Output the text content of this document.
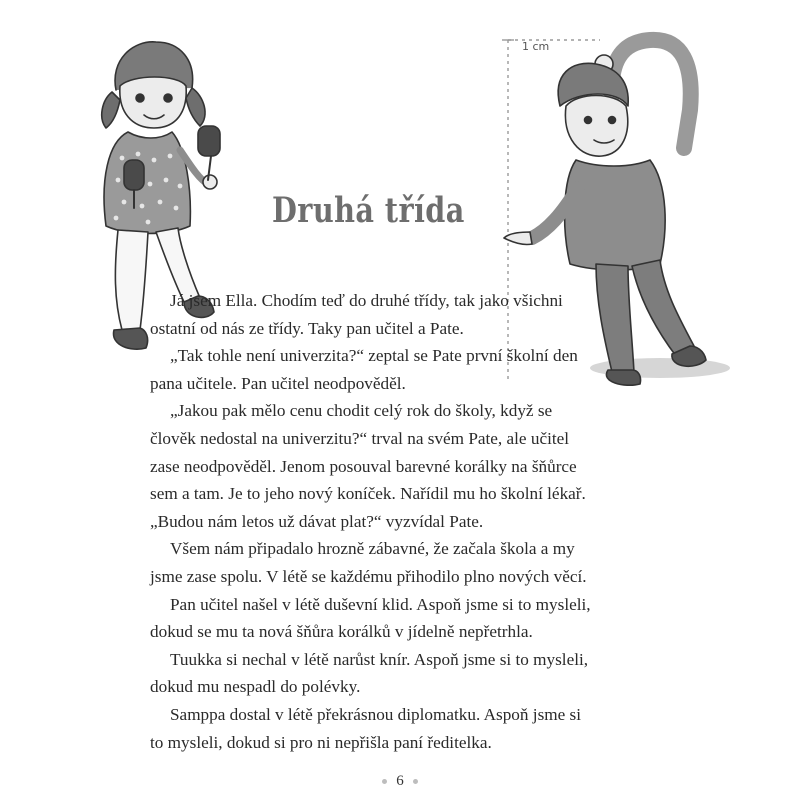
1 cm
Druhá třída
Já jsem Ella. Chodím teď do druhé třídy, tak jako všichni
ostatní od nás ze třídy. Taky pan učitel a Pate.
„Tak tohle není univerzita?“ zeptal se Pate první školní den
pana učitele. Pan učitel neodpověděl.
„Jakou pak mělo cenu chodit celý rok do školy, když se
člověk nedostal na univerzitu?“ trval na svém Pate, ale učitel
zase neodpověděl. Jenom posouval barevné korálky na šňůrce
sem a tam. Je to jeho nový koníček. Nařídil mu ho školní lékař.
„Budou nám letos už dávat plat?“ vyzvídal Pate.
Všem nám připadalo hrozně zábavné, že začala škola a my
jsme zase spolu. V létě se každému přihodilo plno nových věcí.
Pan učitel našel v létě duševní klid. Aspoň jsme si to mysleli,
dokud se mu ta nová šňůra korálků v jídelně nepřetrhla.
Tuukka si nechal v létě narůst knír. Aspoň jsme si to mysleli,
dokud mu nespadl do polévky.
Samppa dostal v létě překrásnou diplomatku. Aspoň jsme si
to mysleli, dokud si pro ni nepřišla paní ředitelka.
6
